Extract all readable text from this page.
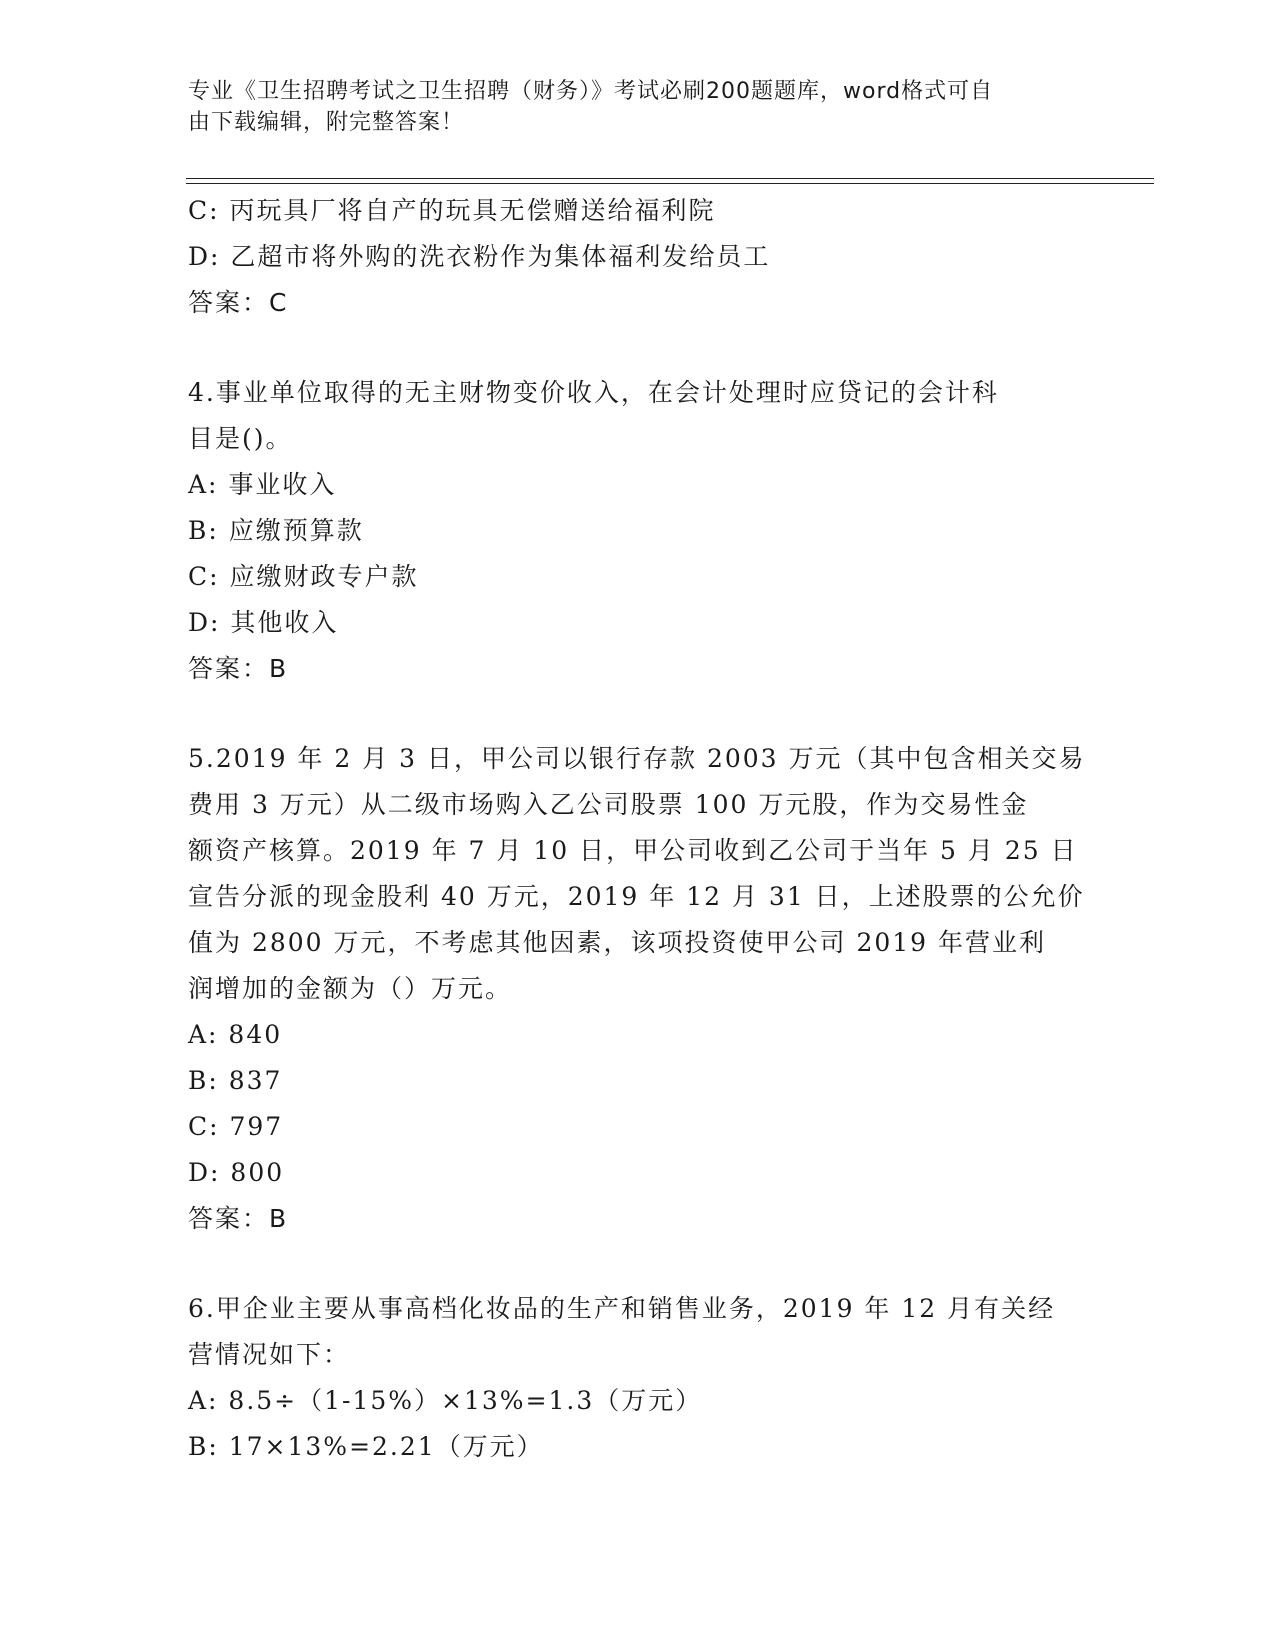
专业《卫生招聘考试之卫生招聘（财务）》考试必刷200题题库，word格式可自
由下载编辑，附完整答案！
C: 丙玩具厂将自产的玩具无偿赠送给福利院
D: 乙超市将外购的洗衣粉作为集体福利发给员工
答案：C
4.事业单位取得的无主财物变价收入，在会计处理时应贷记的会计科
目是()。
A: 事业收入
B: 应缴预算款
C: 应缴财政专户款
D: 其他收入
答案：B
5.2019 年 2 月 3 日，甲公司以银行存款 2003 万元（其中包含相关交易
费用 3 万元）从二级市场购入乙公司股票 100 万元股，作为交易性金
额资产核算。2019 年 7 月 10 日，甲公司收到乙公司于当年 5 月 25 日
宣告分派的现金股利 40 万元，2019 年 12 月 31 日，上述股票的公允价
值为 2800 万元，不考虑其他因素，该项投资使甲公司 2019 年营业利
润增加的金额为（）万元。
A: 840
B: 837
C: 797
D: 800
答案：B
6.甲企业主要从事高档化妆品的生产和销售业务，2019 年 12 月有关经
营情况如下：
A: 8.5÷（1-15%）×13%=1.3（万元）
B: 17×13%=2.21（万元）
